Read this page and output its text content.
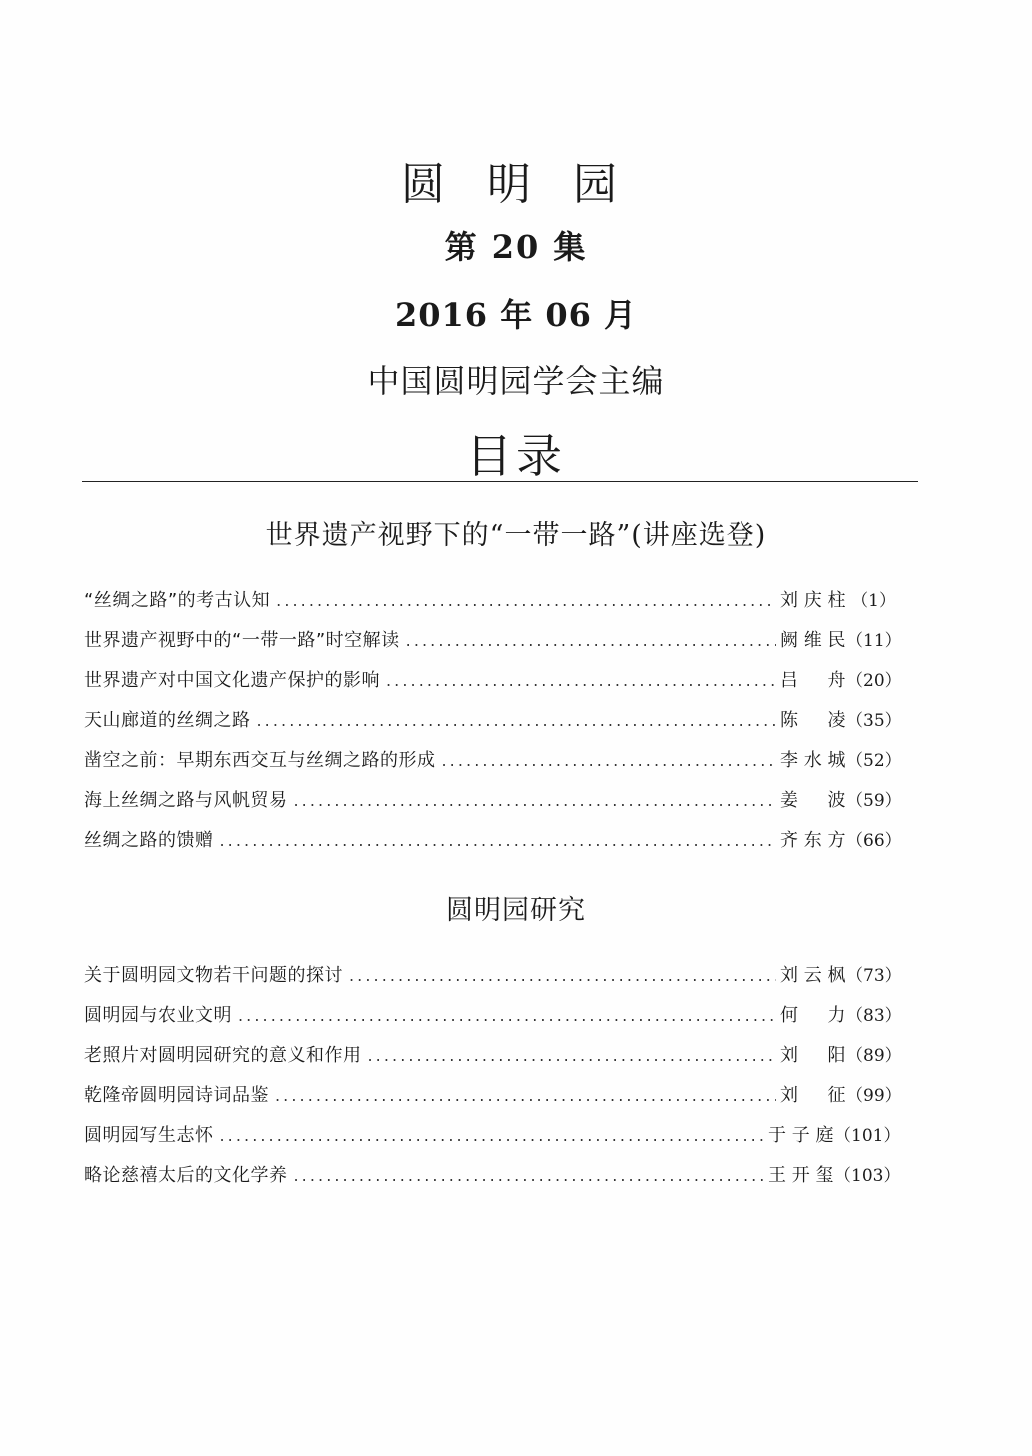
圆 明 园
第 20 集
2016 年 06 月
中国圆明园学会主编
目录
世界遗产视野下的“一带一路”(讲座选登)
“丝绸之路”的考古认知 . . .	刘庆柱 （1）
世界遗产视野中的“一带一路”时空解读 . . .	阙维民 （11）
世界遗产对中国文化遗产保护的影响 . . .	吕 舟 （20）
天山廊道的丝绸之路 . . .	陈 凌 （35）
凿空之前：早期东西交互与丝绸之路的形成 . . .	李水城 （52）
海上丝绸之路与风帆贸易 . . .	姜 波 （59）
丝绸之路的馈赠 . . .	齐东方 （66）
圆明园研究
关于圆明园文物若干问题的探讨 . . .	刘云枫 （73）
圆明园与农业文明 . . .	何 力 （83）
老照片对圆明园研究的意义和作用 . . .	刘 阳 （89）
乾隆帝圆明园诗词品鉴 . . .	刘 征 （99）
圆明园写生志怀 . . .	于子庭 （101）
略论慈禧太后的文化学养 . . .	王开玺 （103）
